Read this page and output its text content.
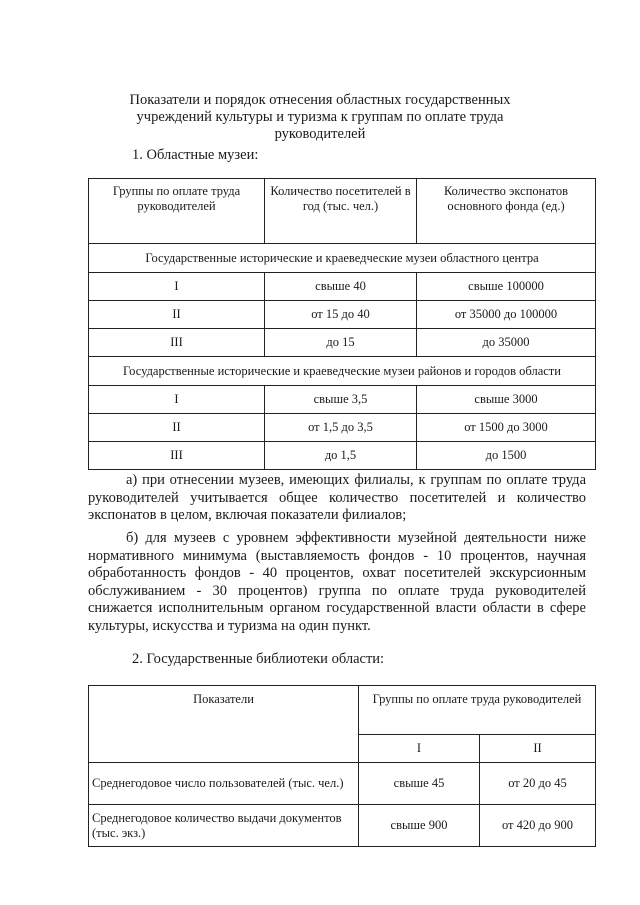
Показатели и порядок отнесения областных государственных
учреждений культуры и туризма к группам по оплате труда
руководителей
1. Областные музеи:
Группы по оплате труда руководителей	Количество посетителей в год (тыс. чел.)	Количество экспонатов основного фонда (ед.)
Государственные исторические и краеведческие музеи областного центра		
I	свыше 40	свыше 100000
II	от 15 до 40	от 35000 до 100000
III	до 15	до 35000
Государственные исторические и краеведческие музеи районов и городов области		
I	свыше 3,5	свыше 3000
II	от 1,5 до 3,5	от 1500 до 3000
III	до 1,5	до 1500

а) при отнесении музеев, имеющих филиалы, к группам по оплате труда руководителей учитывается общее количество посетителей и количество экспонатов в целом, включая показатели филиалов;

б) для музеев с уровнем эффективности музейной деятельности ниже нормативного минимума (выставляемость фондов - 10 процентов, научная обработанность фондов - 40 процентов, охват посетителей экскурсионным обслуживанием - 30 процентов) группа по оплате труда руководителей снижается исполнительным органом государственной власти области в сфере культуры, искусства и туризма на один пункт.

2. Государственные библиотеки области:
Показатели	Группы по оплате труда руководителей	
	I	II
Среднегодовое число пользователей (тыс. чел.)	свыше 45	от 20 до 45
Среднегодовое количество выдачи документов (тыс. экз.)	свыше 900	от 420 до 900
